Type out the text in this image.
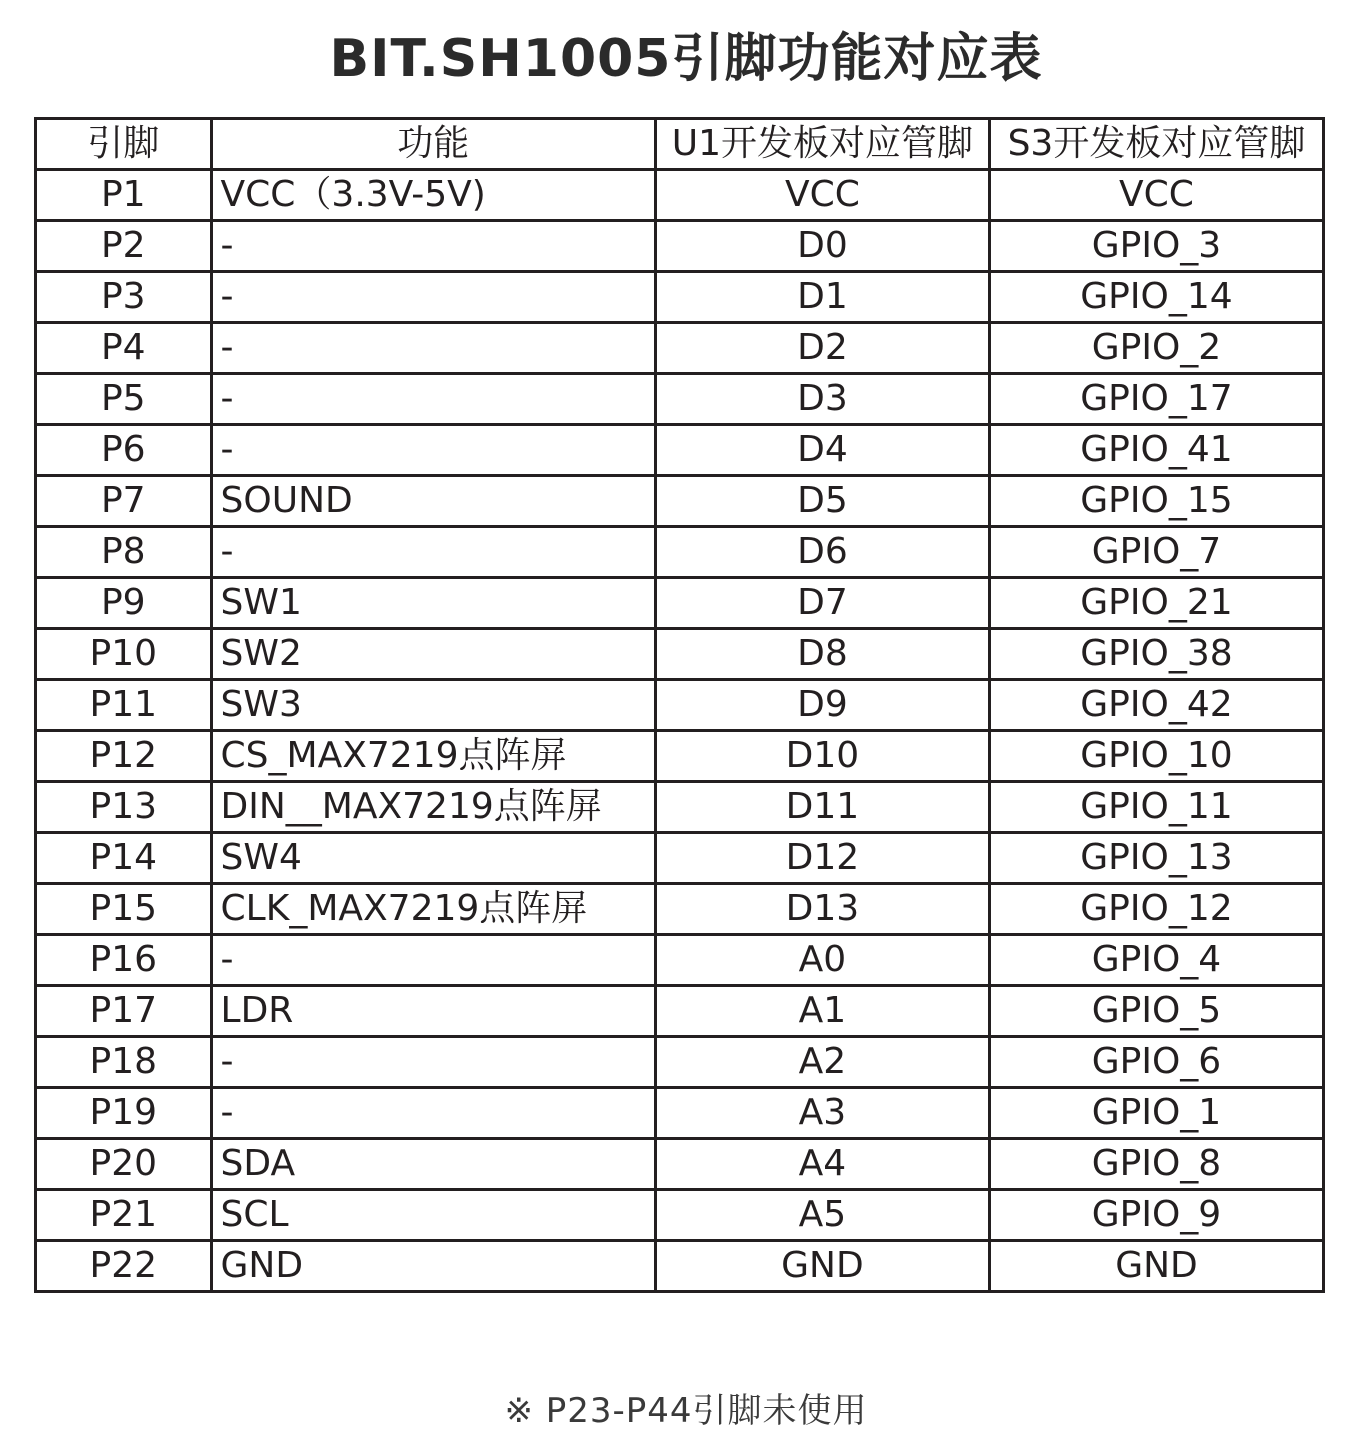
BIT.SH1005引脚功能对应表
引脚	功能	U1开发板对应管脚	S3开发板对应管脚
P1	VCC（3.3V-5V)	VCC	VCC
P2	-	D0	GPIO_3
P3	-	D1	GPIO_14
P4	-	D2	GPIO_2
P5	-	D3	GPIO_17
P6	-	D4	GPIO_41
P7	SOUND	D5	GPIO_15
P8	-	D6	GPIO_7
P9	SW1	D7	GPIO_21
P10	SW2	D8	GPIO_38
P11	SW3	D9	GPIO_42
P12	CS_MAX7219点阵屏	D10	GPIO_10
P13	DIN__MAX7219点阵屏	D11	GPIO_11
P14	SW4	D12	GPIO_13
P15	CLK_MAX7219点阵屏	D13	GPIO_12
P16	-	A0	GPIO_4
P17	LDR	A1	GPIO_5
P18	-	A2	GPIO_6
P19	-	A3	GPIO_1
P20	SDA	A4	GPIO_8
P21	SCL	A5	GPIO_9
P22	GND	GND	GND
※ P23-P44引脚未使用
